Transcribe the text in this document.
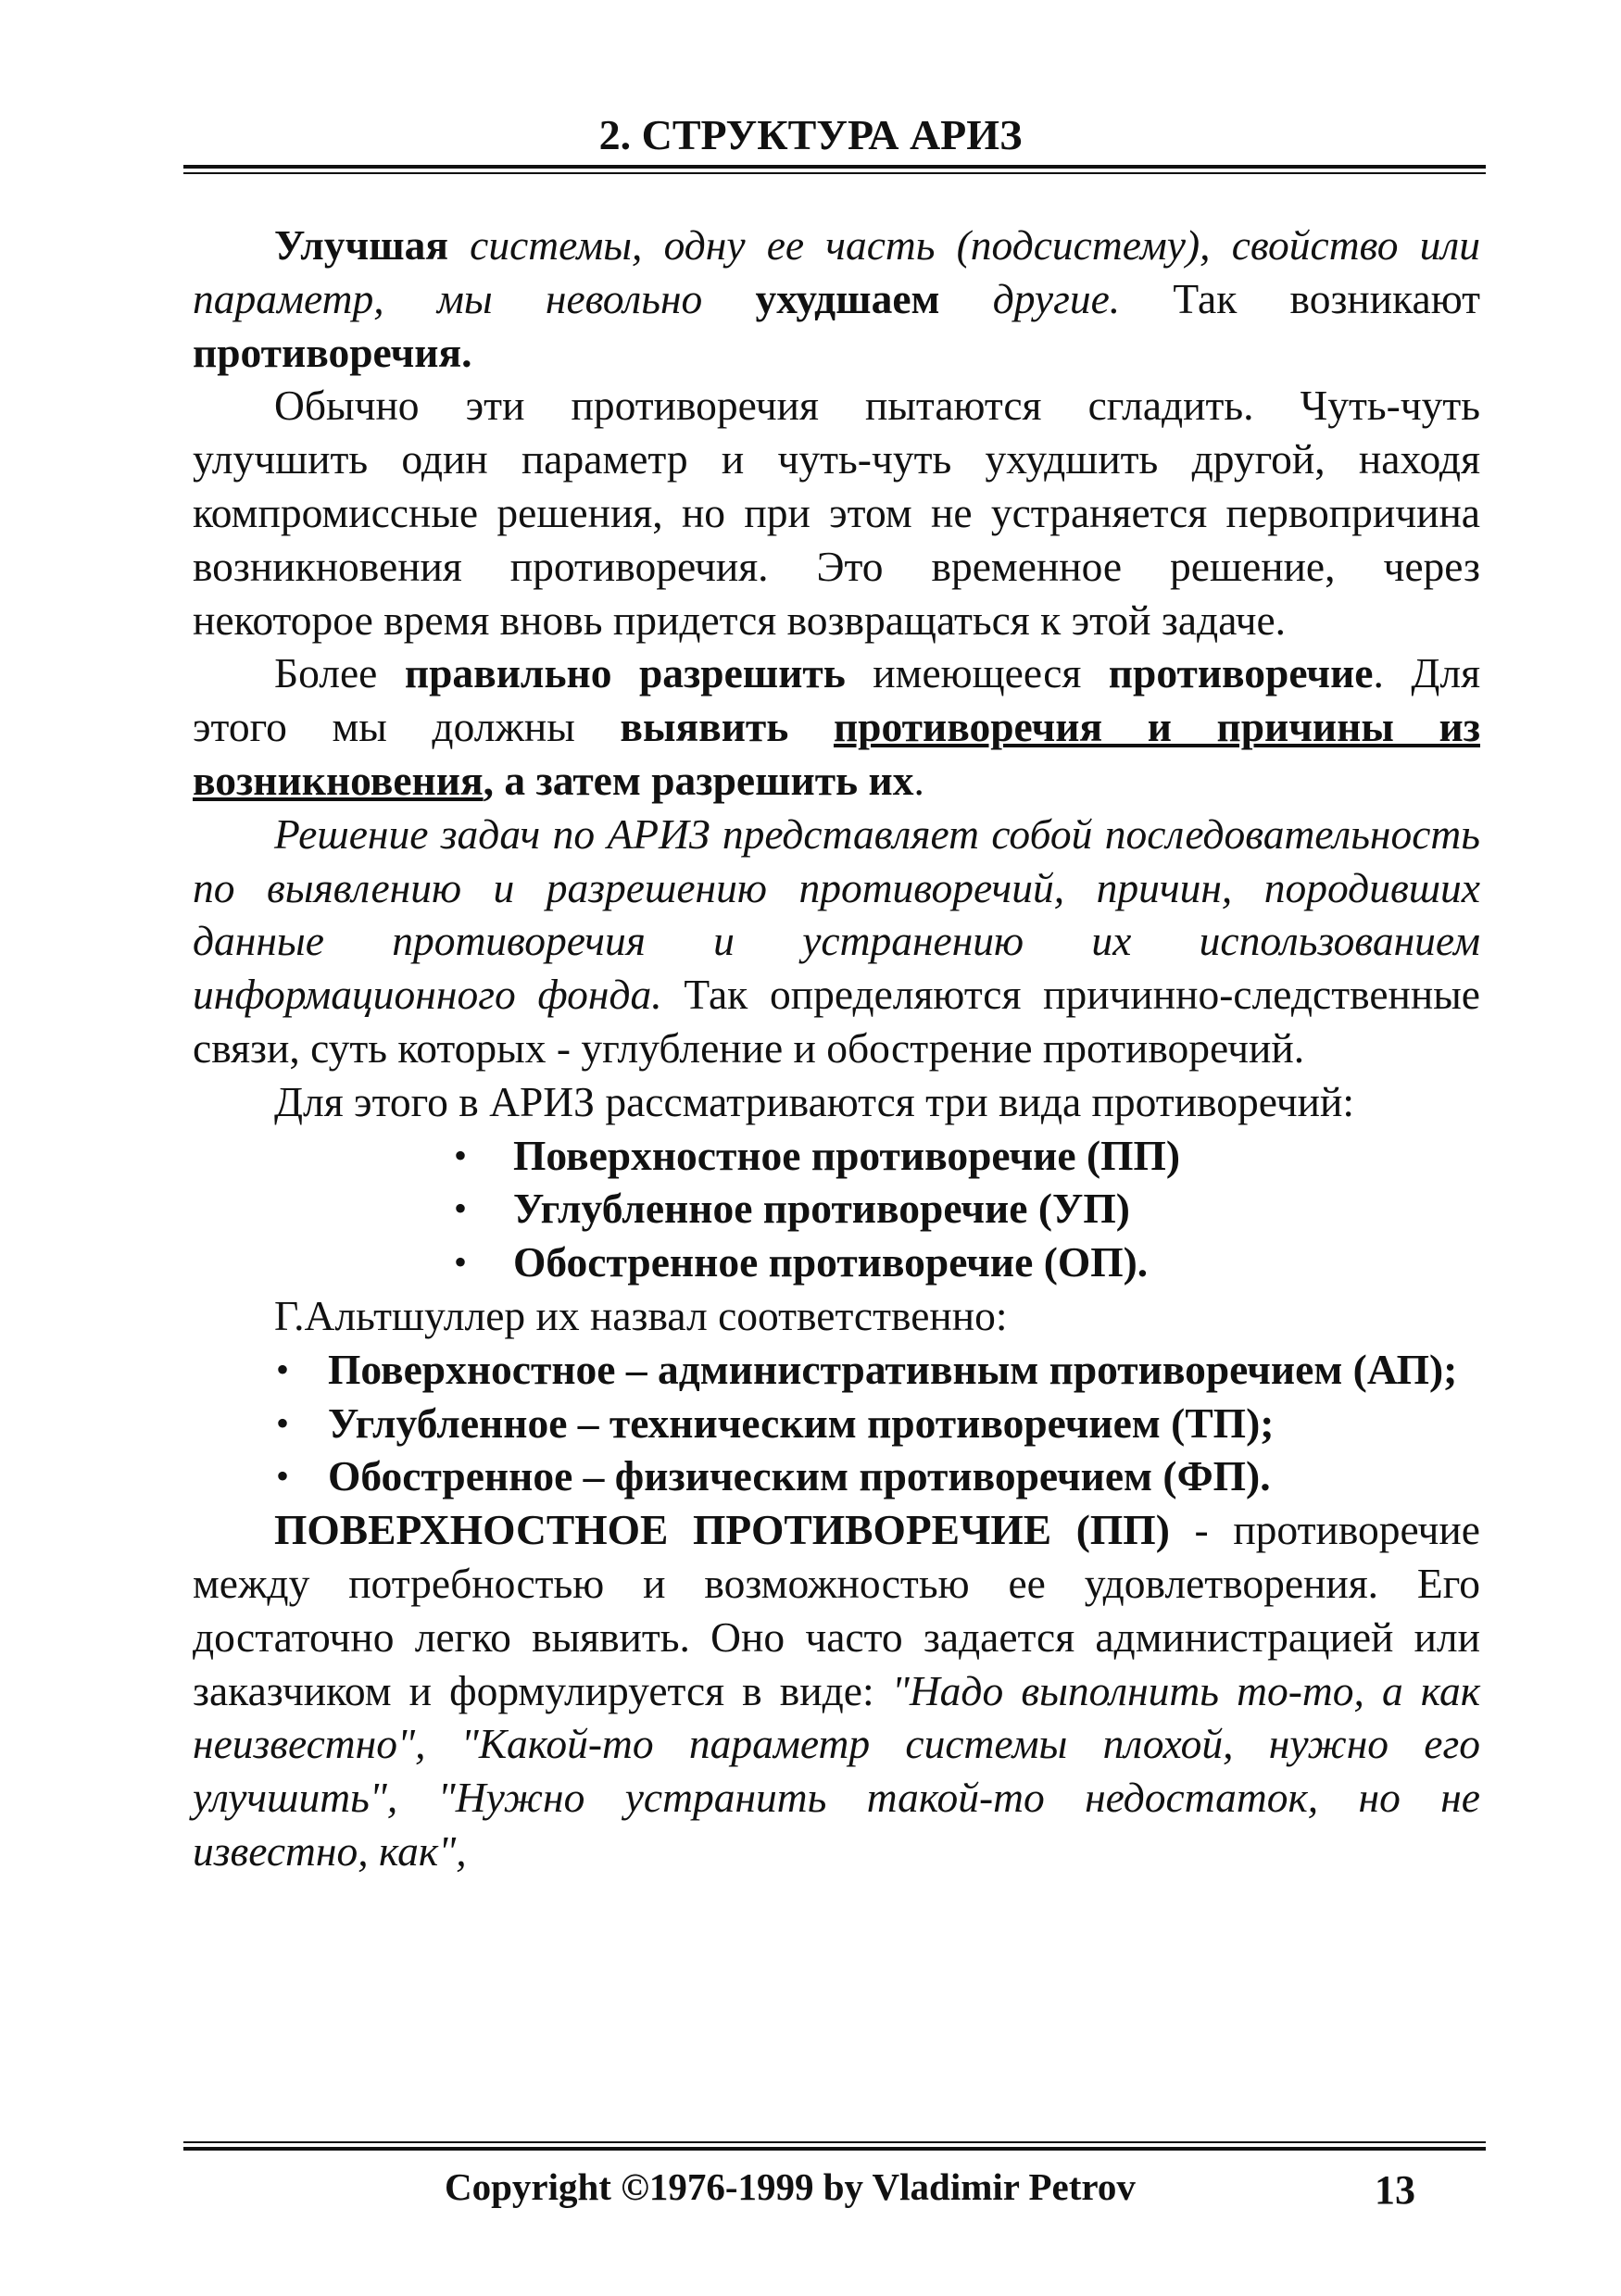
2. СТРУКТУРА АРИЗ

Улучшая системы, одну ее часть (подсистему), свойство или параметр, мы невольно ухудшаем другие. Так возникают противоречия.

Обычно эти противоречия пытаются сгладить. Чуть-чуть улучшить один параметр и чуть-чуть ухудшить другой, находя компромиссные решения, но при этом не устраняется первопричина возникновения противоречия. Это временное решение, через некоторое время вновь придется возвращаться к этой задаче.

Более правильно разрешить имеющееся противоречие. Для этого мы должны выявить противоречия и причины из возникновения, а затем разрешить их.

Решение задач по АРИЗ представляет собой последовательность по выявлению и разрешению противоречий, причин, породивших данные противоречия и устранению их использованием информационного фонда. Так определяются причинно-следственные связи, суть которых - углубление и обострение противоречий.

Для этого в АРИЗ рассматриваются три вида противоречий:

• Поверхностное противоречие (ПП)
• Углубленное противоречие (УП)
• Обостренное противоречие (ОП).

Г.Альтшуллер их назвал соответственно:

• Поверхностное – административным противоречием (АП);
• Углубленное – техническим противоречием (ТП);
• Обостренное – физическим противоречием (ФП).

ПОВЕРХНОСТНОЕ ПРОТИВОРЕЧИЕ (ПП) - противоречие между потребностью и возможностью ее удовлетворения. Его достаточно легко выявить. Оно часто задается администрацией или заказчиком и формулируется в виде: "Надо выполнить то-то, а как неизвестно", "Какой-то параметр системы плохой, нужно его улучшить", "Нужно устранить такой-то недостаток, но не известно, как",

Copyright ©1976-1999 by Vladimir Petrov	13
